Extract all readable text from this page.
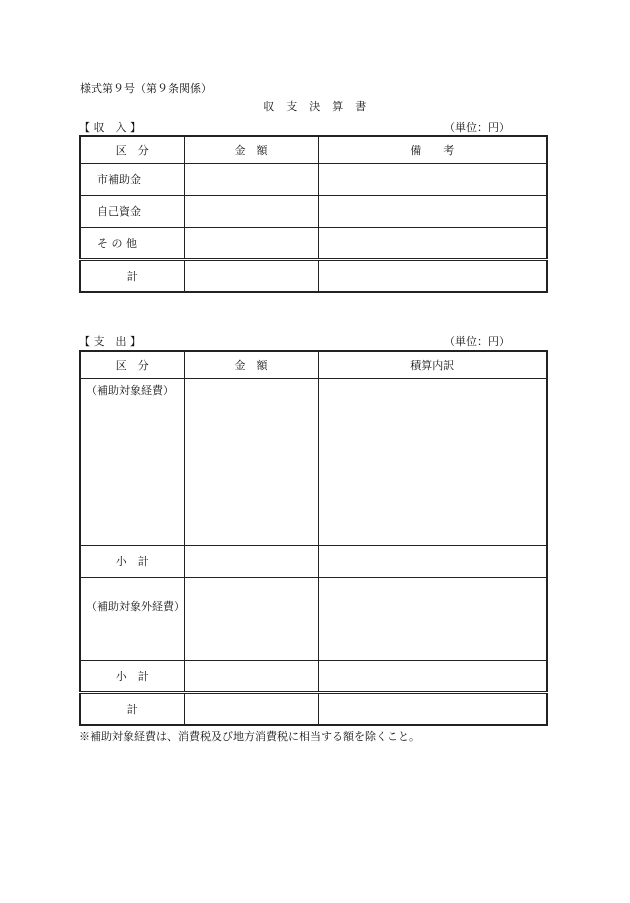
様式第９号（第９条関係）
収　支　決　算　書
【 収　入 】	（単位：円）
区　分	金　額	備　　考
市補助金		
自己資金		
そ の 他		
計		
【 支　出 】	（単位：円）
区　分	金　額	積算内訳
（補助対象経費）		
小　計		
（補助対象外経費）		
小　計		
計		
※補助対象経費は、消費税及び地方消費税に相当する額を除くこと。
